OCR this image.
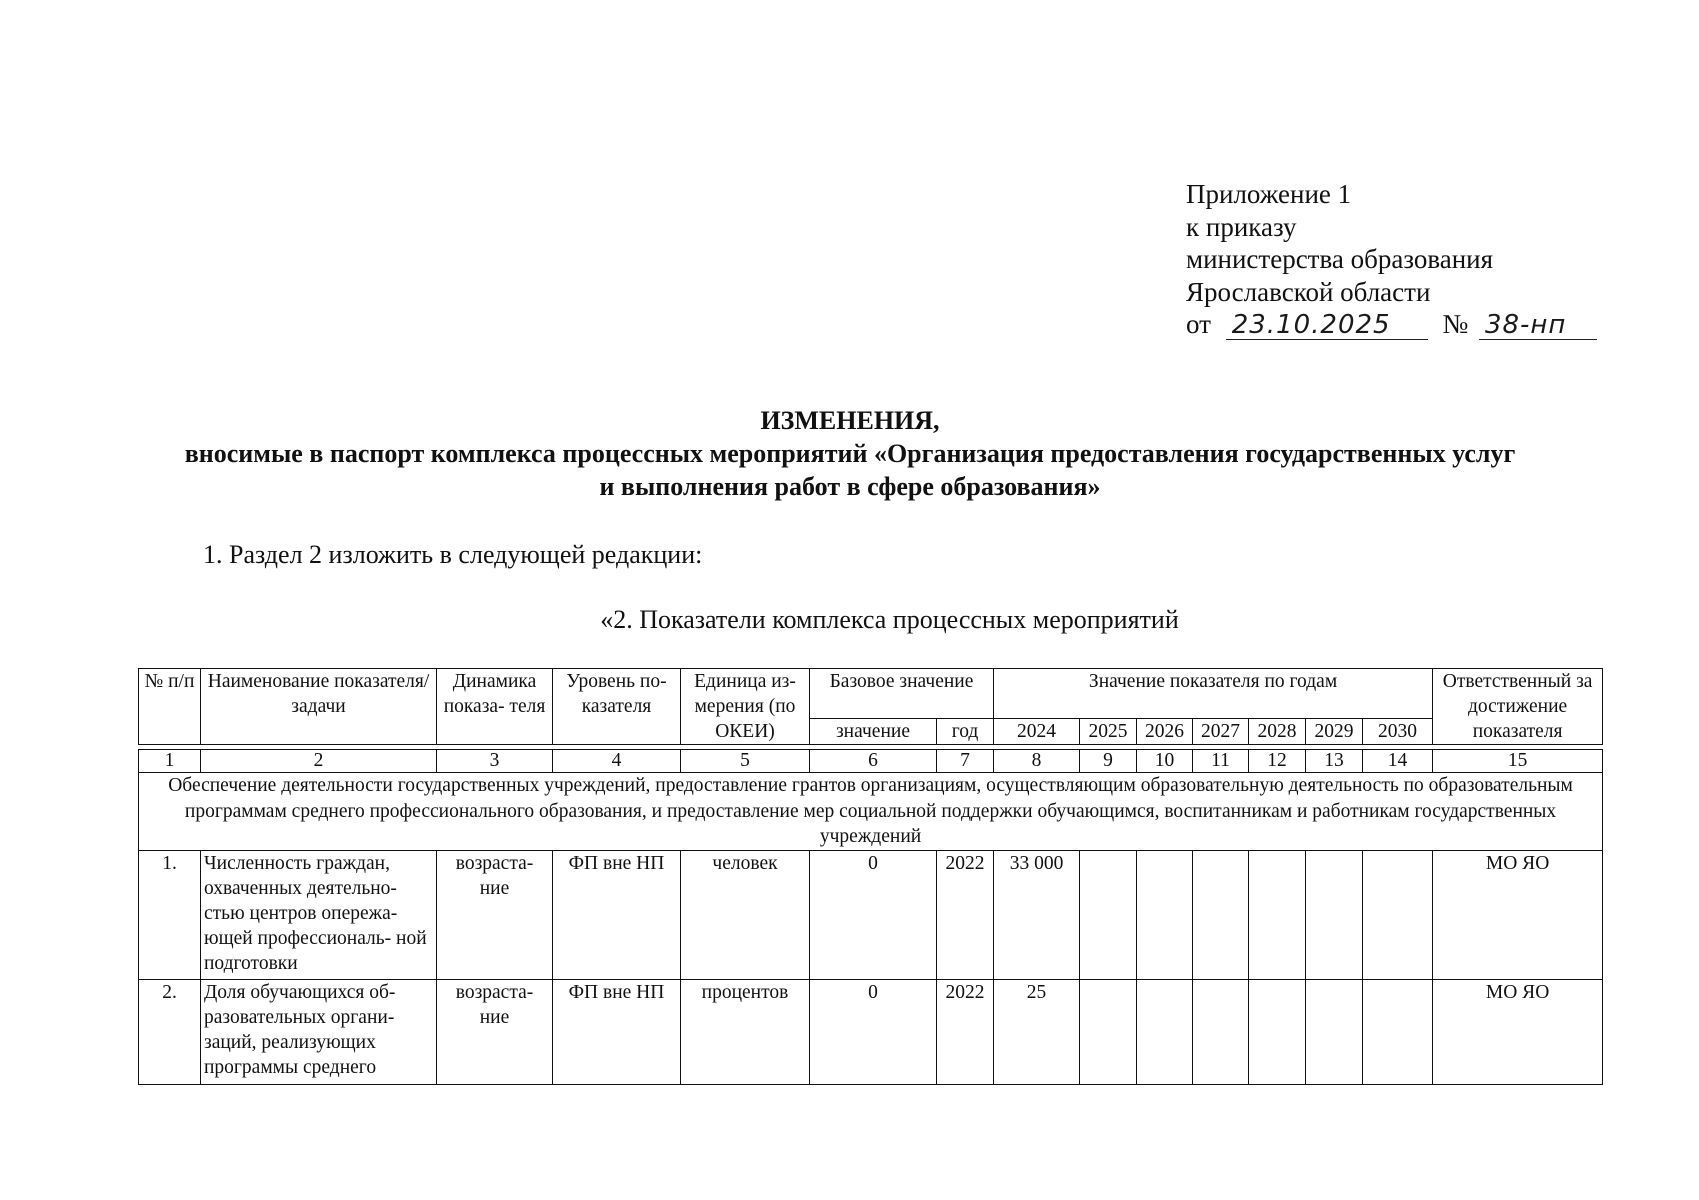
Приложение 1
к приказу
министерства образования
Ярославской области
от 23.10.2025 № 38-нп
ИЗМЕНЕНИЯ,
вносимые в паспорт комплекса процессных мероприятий «Организация предоставления государственных услуг
и выполнения работ в сфере образования»
1. Раздел 2 изложить в следующей редакции:
«2. Показатели комплекса процессных мероприятий
№ п/п	Наименование показателя/задачи	Динамика показа- теля	Уровень по- казателя	Единица из- мерения (по ОКЕИ)	Базовое значение		Значение показателя по годам							Ответственный за достижение показателя
					значение	год	2024	2025	2026	2027	2028	2029	2030	

1	2	3	4	5	6	7	8	9	10	11	12	13	14	15
Обеспечение деятельности государственных учреждений, предоставление грантов организациям, осуществляющим образовательную деятельность по образовательным программам среднего профессионального образования, и предоставление мер социальной поддержки обучающимся, воспитанникам и работникам государственных учреждений														
1.	Численность граждан, охваченных деятельно- стью центров опережа- ющей профессиональ- ной подготовки	возраста- ние	ФП вне НП	человек	0	2022	33 000							МО ЯО
2.	Доля обучающихся об- разовательных органи- заций, реализующих программы среднего	возраста- ние	ФП вне НП	процентов	0	2022	25							МО ЯО
